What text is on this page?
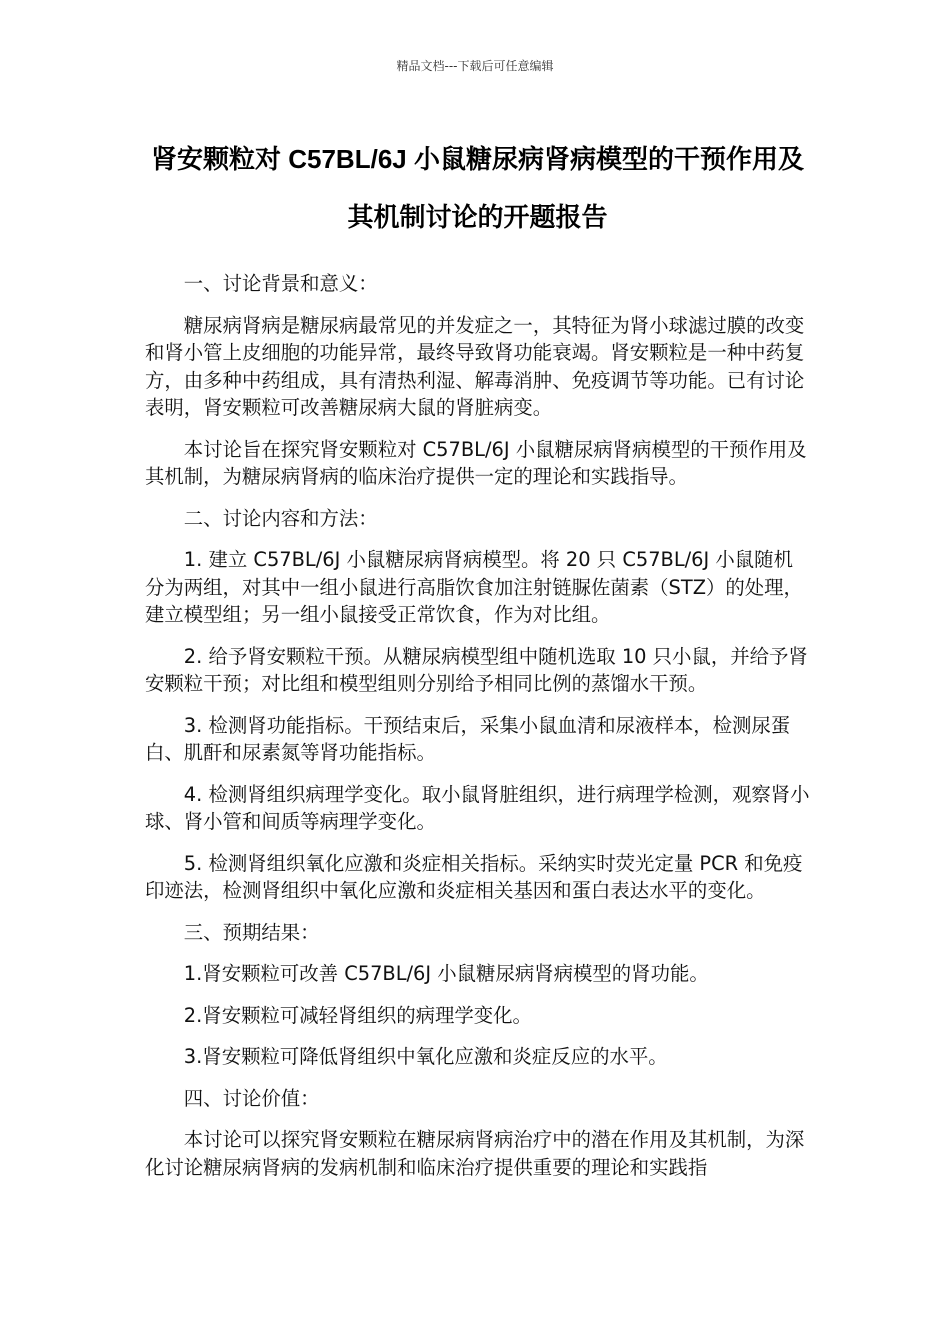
精品文档---下载后可任意编辑
肾安颗粒对 C57BL/6J 小鼠糖尿病肾病模型的干预作用及其机制讨论的开题报告

一、讨论背景和意义：

糖尿病肾病是糖尿病最常见的并发症之一，其特征为肾小球滤过膜的改变和肾小管上皮细胞的功能异常，最终导致肾功能衰竭。肾安颗粒是一种中药复方，由多种中药组成，具有清热利湿、解毒消肿、免疫调节等功能。已有讨论表明，肾安颗粒可改善糖尿病大鼠的肾脏病变。

本讨论旨在探究肾安颗粒对 C57BL/6J 小鼠糖尿病肾病模型的干预作用及其机制，为糖尿病肾病的临床治疗提供一定的理论和实践指导。

二、讨论内容和方法：

1. 建立 C57BL/6J 小鼠糖尿病肾病模型。将 20 只 C57BL/6J 小鼠随机分为两组，对其中一组小鼠进行高脂饮食加注射链脲佐菌素（STZ）的处理，建立模型组；另一组小鼠接受正常饮食，作为对比组。

2. 给予肾安颗粒干预。从糖尿病模型组中随机选取 10 只小鼠，并给予肾安颗粒干预；对比组和模型组则分别给予相同比例的蒸馏水干预。

3. 检测肾功能指标。干预结束后，采集小鼠血清和尿液样本，检测尿蛋白、肌酐和尿素氮等肾功能指标。

4. 检测肾组织病理学变化。取小鼠肾脏组织，进行病理学检测，观察肾小球、肾小管和间质等病理学变化。

5. 检测肾组织氧化应激和炎症相关指标。采纳实时荧光定量 PCR 和免疫印迹法，检测肾组织中氧化应激和炎症相关基因和蛋白表达水平的变化。

三、预期结果：

1.肾安颗粒可改善 C57BL/6J 小鼠糖尿病肾病模型的肾功能。

2.肾安颗粒可减轻肾组织的病理学变化。

3.肾安颗粒可降低肾组织中氧化应激和炎症反应的水平。

四、讨论价值：

本讨论可以探究肾安颗粒在糖尿病肾病治疗中的潜在作用及其机制，为深化讨论糖尿病肾病的发病机制和临床治疗提供重要的理论和实践指
